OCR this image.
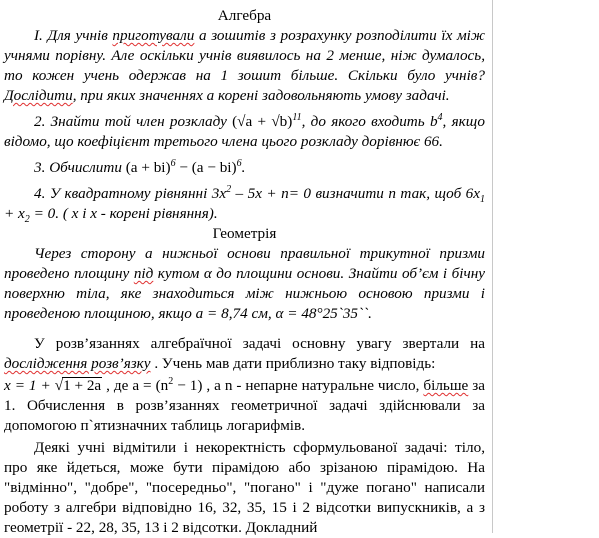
Алгебра

I. Для учнів приготували а зошитів з розрахунку розподілити їх між учнями порівну. Але оскільки учнів виявилось на 2 менше, ніж думалось, то кожен учень одержав на 1 зошит більше. Скільки було учнів? Дослідити, при яких значеннях а корені задовольняють умову задачі.

2. Знайти той член розкладу $(√a + √b)^{11}$, до якого входить $b^4$, якщо відомо, що коефіцієнт третього члена цього розкладу дорівнює 66.

3. Обчислити (a + bi)$^6$ − (a − bi)$^6$.

4. У квадратному рівнянні $3x^2 - 5x + n= 0$ визначити n так, щоб $6x_1 + x_2 = 0$. ( x і x - корені рівняння).

Геометрія

Через сторону а нижньої основи правильної трикутної призми проведено площину під кутом α до площини основи. Знайти об’єм і бічну поверхню тіла, яке знаходиться між нижньою основою призми і проведеною площиною, якщо а = 8,74 см, α = 48°25`35``.

У розв’язаннях алгебраїчної задачі основну увагу звертали на дослідження розв’язку . Учень мав дати приблизно таку відповідь:

x = 1 + √1 + 2a , де $a = (n^2 - 1)$ , а n - непарне натуральне число, більше за 1. Обчислення в розв’язаннях геометричної задачі здійснювали за допомогою п`ятизначних таблиць логарифмів.

Деякі учні відмітили і некоректність сформульованої задачі: тіло, про яке йдеться, може бути пірамідою або зрізаною пірамідою. На "відмінно", "добре", "посередньо", "погано" і "дуже погано" написали роботу з алгебри відповідно 16, 32, 35, 15 і 2 відсотки випускників, а з геометрії - 22, 28, 35, 13 і 2 відсотки. Докладний
